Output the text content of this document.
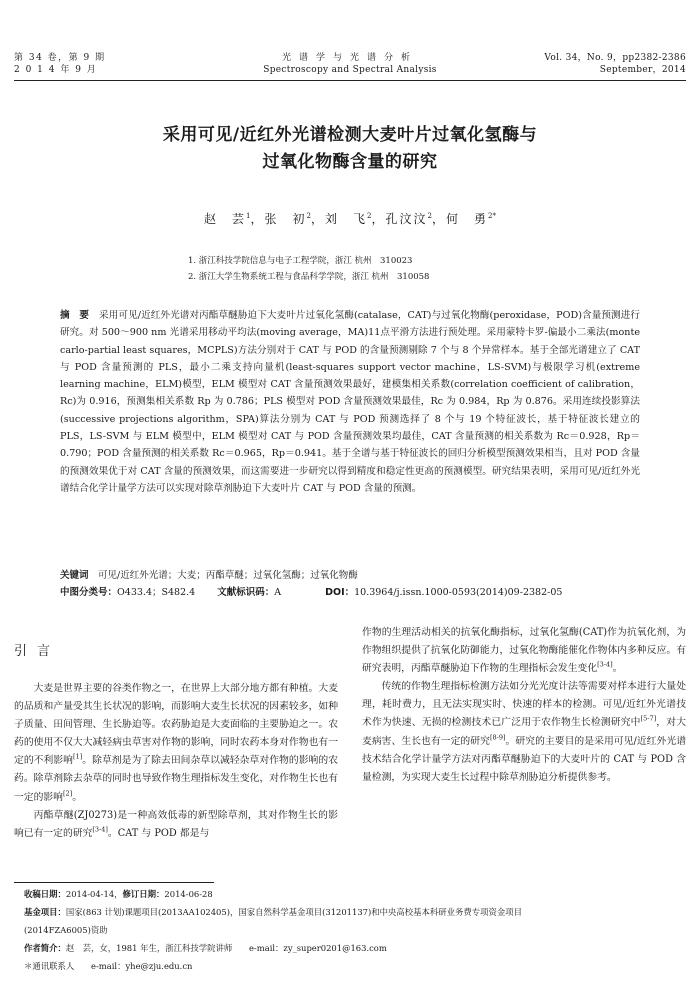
第 34 卷，第 9 期
2 0 1 4 年 9 月
光谱学与光谱分析
Spectroscopy and Spectral Analysis
Vol. 34，No. 9，pp2382-2386
September，2014
采用可见/近红外光谱检测大麦叶片过氧化氢酶与
过氧化物酶含量的研究
赵　芸$^1$，张　初$^2$，刘　飞$^2$，孔汶汶$^2$，何　勇$^{2*}$
1. 浙江科技学院信息与电子工程学院，浙江 杭州　310023
2. 浙江大学生物系统工程与食品科学学院，浙江 杭州　310058
摘　要 采用可见/近红外光谱对丙酯草醚胁迫下大麦叶片过氧化氢酶(catalase，CAT)与过氧化物酶(peroxidase，POD)含量预测进行研究。对 500～900 nm 光谱采用移动平均法(moving average，MA)11点平滑方法进行预处理。采用蒙特卡罗-偏最小二乘法(monte carlo-partial least squares，MCPLS)方法分别对于 CAT 与 POD 的含量预测剔除 7 个与 8 个异常样本。基于全部光谱建立了 CAT 与 POD 含量预测的 PLS，最小二乘支持向量机(least-squares support vector machine，LS-SVM)与极限学习机(extreme learning machine，ELM)模型，ELM 模型对 CAT 含量预测效果最好，建模集相关系数(correlation coefficient of calibration，Rc)为 0.916，预测集相关系数 Rp 为 0.786；PLS 模型对 POD 含量预测效果最佳，Rc 为 0.984，Rp 为 0.876。采用连续投影算法(successive projections algorithm，SPA)算法分别为 CAT 与 POD 预测选择了 8 个与 19 个特征波长，基于特征波长建立的 PLS，LS-SVM 与 ELM 模型中，ELM 模型对 CAT 与 POD 含量预测效果均最佳，CAT 含量预测的相关系数为 Rc＝0.928，Rp＝0.790；POD 含量预测的相关系数 Rc＝0.965，Rp＝0.941。基于全谱与基于特征波长的回归分析模型预测效果相当，且对 POD 含量的预测效果优于对 CAT 含量的预测效果，而这需要进一步研究以得到精度和稳定性更高的预测模型。研究结果表明，采用可见/近红外光谱结合化学计量学方法可以实现对除草剂胁迫下大麦叶片 CAT 与 POD 含量的预测。
关键词　 可见/近红外光谱；大麦；丙酯草醚；过氧化氢酶；过氧化物酶
中图分类号：O433.4；S482.4 文献标识码：A	DOI：10.3964/j.issn.1000-0593(2014)09-2382-05
引言

大麦是世界主要的谷类作物之一，在世界上大部分地方都有种植。大麦的品质和产量受其生长状况的影响，而影响大麦生长状况的因素较多，如种子质量、田间管理、生长胁迫等。农药胁迫是大麦面临的主要胁迫之一。农药的使用不仅大大减轻病虫草害对作物的影响，同时农药本身对作物也有一定的不利影响[1]。除草剂是为了除去田间杂草以减轻杂草对作物的影响的农药。除草剂除去杂草的同时也导致作物生理指标发生变化，对作物生长也有一定的影响[2]。

丙酯草醚(ZJ0273)是一种高效低毒的新型除草剂，其对作物生长的影响已有一定的研究[3-4]。CAT 与 POD 都是与

作物的生理活动相关的抗氧化酶指标，过氧化氢酶(CAT)作为抗氧化剂，为作物组织提供了抗氧化防御能力，过氧化物酶能催化作物体内多种反应。有研究表明，丙酯草醚胁迫下作物的生理指标会发生变化[3-4]。

传统的作物生理指标检测方法如分光光度计法等需要对样本进行大量处理，耗时费力，且无法实现实时、快速的样本的检测。可见/近红外光谱技术作为快速、无损的检测技术已广泛用于农作物生长检测研究中[5-7]，对大麦病害、生长也有一定的研究[8-9]。研究的主要目的是采用可见/近红外光谱技术结合化学计量学方法对丙酯草醚胁迫下的大麦叶片的 CAT 与 POD 含量检测，为实现大麦生长过程中除草剂胁迫分析提供参考。

收稿日期：2014-04-14，修订日期：2014-06-28
基金项目：国家(863 计划)课题项目(2013AA102405)，国家自然科学基金项目(31201137)和中央高校基本科研业务费专项资金项目
(2014FZA6005)资助
作者简介：赵　芸，女，1981 年生，浙江科技学院讲师　　e-mail：zy_super0201@163.com
＊通讯联系人　　e-mail：yhe@zju.edu.cn
